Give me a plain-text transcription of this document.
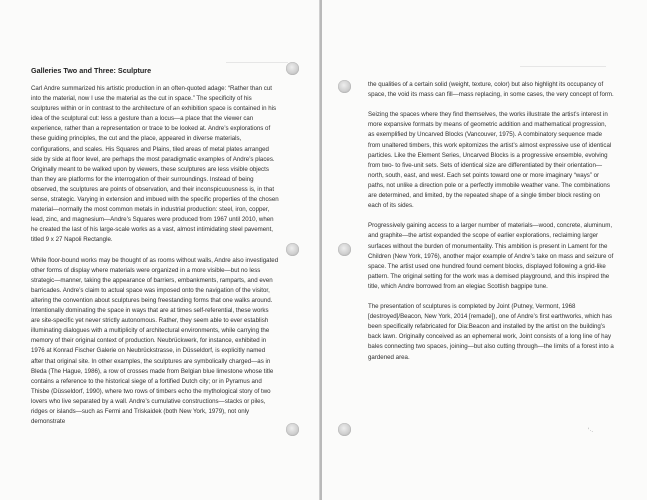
Galleries Two and Three: Sculpture

Carl Andre summarized his artistic production in an often-quoted adage: “Rather than cut into the material, now I use the material as the cut in space.” The specificity of his sculptures within or in contrast to the architecture of an exhibition space is contained in his idea of the sculptural cut: less a gesture than a locus—a place that the viewer can experience, rather than a representation or trace to be looked at. Andre’s explorations of these guiding principles, the cut and the place, appeared in diverse materials, configurations, and scales. His Squares and Plains, tiled areas of metal plates arranged side by side at floor level, are perhaps the most paradigmatic examples of Andre’s places. Originally meant to be walked upon by viewers, these sculptures are less visible objects than they are platforms for the interrogation of their surroundings. Instead of being observed, the sculptures are points of observation, and their inconspicuousness is, in that sense, strategic. Varying in extension and imbued with the specific properties of the chosen material—normally the most common metals in industrial production: steel, iron, copper, lead, zinc, and magnesium—Andre’s Squares were produced from 1967 until 2010, when he created the last of his large-scale works as a vast, almost intimidating steel pavement, titled 9 x 27 Napoli Rectangle.

While floor-bound works may be thought of as rooms without walls, Andre also investigated other forms of display where materials were organized in a more visible—but no less strategic—manner, taking the appearance of barriers, embankments, ramparts, and even barricades. Andre’s claim to actual space was imposed onto the navigation of the visitor, altering the convention about sculptures being freestanding forms that one walks around. Intentionally dominating the space in ways that are at times self-referential, these works are site-specific yet never strictly autonomous. Rather, they seem able to ever establish illuminating dialogues with a multiplicity of architectural environments, while carrying the memory of their original context of production. Neubrückwerk, for instance, exhibited in 1976 at Konrad Fischer Galerie on Neubrückstrasse, in Düsseldorf, is explicitly named after that original site. In other examples, the sculptures are symbolically charged—as in Bleda (The Hague, 1986), a row of crosses made from Belgian blue limestone whose title contains a reference to the historical siege of a fortified Dutch city; or in Pyramus and Thisbe (Düsseldorf, 1990), where two rows of timbers echo the mythological story of two lovers who live separated by a wall. Andre’s cumulative constructions—stacks or piles, ridges or islands—such as Fermi and Triskaidek (both New York, 1979), not only demonstrate

the qualities of a certain solid (weight, texture, color) but also highlight its occupancy of space, the void its mass can fill—mass replacing, in some cases, the very concept of form.

Seizing the spaces where they find themselves, the works illustrate the artist’s interest in more expansive formats by means of geometric addition and mathematical progression, as exemplified by Uncarved Blocks (Vancouver, 1975). A combinatory sequence made from unaltered timbers, this work epitomizes the artist’s almost expressive use of identical particles. Like the Element Series, Uncarved Blocks is a progressive ensemble, evolving from two- to five-unit sets. Sets of identical size are differentiated by their orientation—north, south, east, and west. Each set points toward one or more imaginary “ways” or paths, not unlike a direction pole or a perfectly immobile weather vane. The combinations are determined, and limited, by the repeated shape of a single timber block resting on each of its sides.

Progressively gaining access to a larger number of materials—wood, concrete, aluminum, and graphite—the artist expanded the scope of earlier explorations, reclaiming larger surfaces without the burden of monumentality. This ambition is present in Lament for the Children (New York, 1976), another major example of Andre’s take on mass and seizure of space. The artist used one hundred found cement blocks, displayed following a grid-like pattern. The original setting for the work was a demised playground, and this inspired the title, which Andre borrowed from an elegiac Scottish bagpipe tune.

The presentation of sculptures is completed by Joint (Putney, Vermont, 1968 [destroyed]/Beacon, New York, 2014 [remade]), one of Andre’s first earthworks, which has been specifically refabricated for Dia:Beacon and installed by the artist on the building’s back lawn. Originally conceived as an ephemeral work, Joint consists of a long line of hay bales connecting two spaces, joining—but also cutting through—the limits of a forest into a gardened area.

‘·.
